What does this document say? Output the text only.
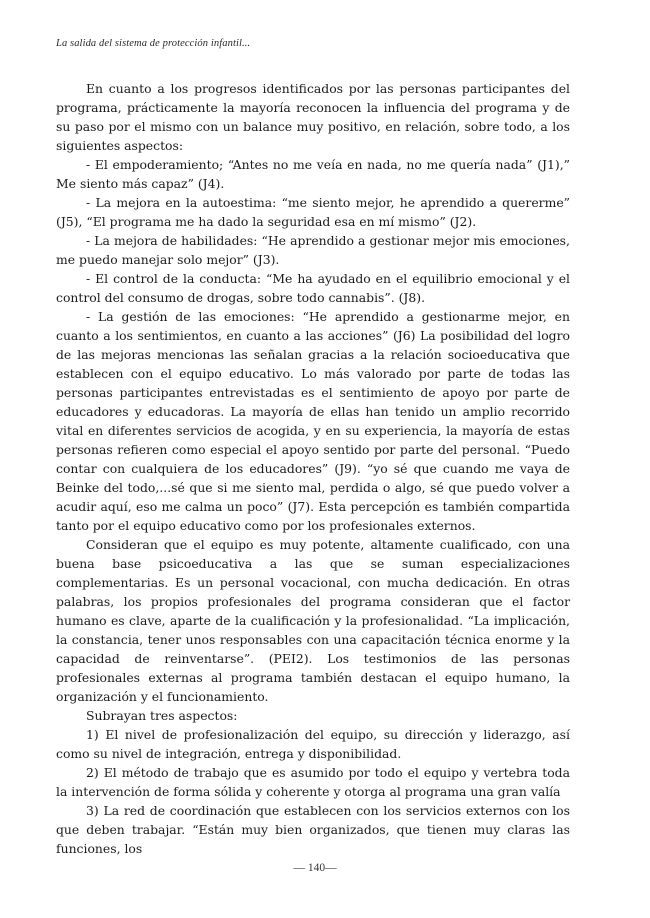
La salida del sistema de protección infantil...

En cuanto a los progresos identificados por las personas participantes del programa, prácticamente la mayoría reconocen la influencia del programa y de su paso por el mismo con un balance muy positivo, en relación, sobre todo, a los siguientes aspectos:

- El empoderamiento; “Antes no me veía en nada, no me quería nada” (J1),” Me siento más capaz” (J4).

- La mejora en la autoestima: “me siento mejor, he aprendido a quererme” (J5), “El programa me ha dado la seguridad esa en mí mismo” (J2).

- La mejora de habilidades: “He aprendido a gestionar mejor mis emociones, me puedo manejar solo mejor” (J3).

- El control de la conducta: “Me ha ayudado en el equilibrio emocional y el control del consumo de drogas, sobre todo cannabis”. (J8).

- La gestión de las emociones: “He aprendido a gestionarme mejor, en cuanto a los sentimientos, en cuanto a las acciones” (J6) La posibilidad del logro de las mejoras mencionas las señalan gracias a la relación socioeducativa que establecen con el equipo educativo. Lo más valorado por parte de todas las personas participantes entrevistadas es el sentimiento de apoyo por parte de educadores y educadoras. La mayoría de ellas han tenido un amplio recorrido vital en diferentes servicios de acogida, y en su experiencia, la mayoría de estas personas refieren como especial el apoyo sentido por parte del personal. “Puedo contar con cualquiera de los educadores” (J9). “yo sé que cuando me vaya de Beinke del todo,...sé que si me siento mal, perdida o algo, sé que puedo volver a acudir aquí, eso me calma un poco” (J7). Esta percepción es también compartida tanto por el equipo educativo como por los profesionales externos.

Consideran que el equipo es muy potente, altamente cualificado, con una buena base psicoeducativa a las que se suman especializaciones complementarias. Es un personal vocacional, con mucha dedicación. En otras palabras, los propios profesionales del programa consideran que el factor humano es clave, aparte de la cualificación y la profesionalidad. “La implicación, la constancia, tener unos responsables con una capacitación técnica enorme y la capacidad de reinventarse”. (PEI2). Los testimonios de las personas profesionales externas al programa también destacan el equipo humano, la organización y el funcionamiento.

Subrayan tres aspectos:

1) El nivel de profesionalización del equipo, su dirección y liderazgo, así como su nivel de integración, entrega y disponibilidad.

2) El método de trabajo que es asumido por todo el equipo y vertebra toda la intervención de forma sólida y coherente y otorga al programa una gran valía

3) La red de coordinación que establecen con los servicios externos con los que deben trabajar. “Están muy bien organizados, que tienen muy claras las funciones, los

— 140—
